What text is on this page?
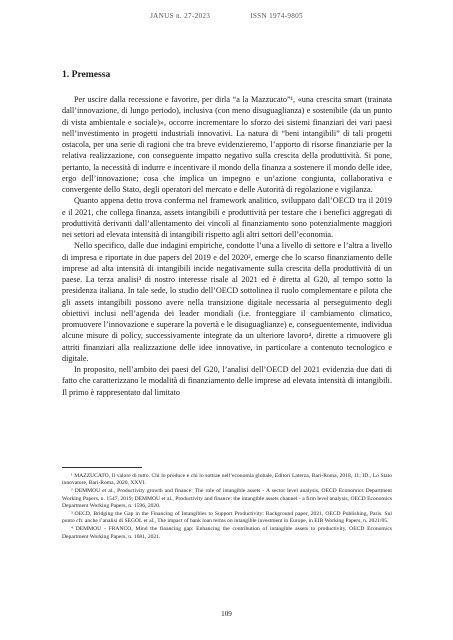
JANUS n. 27-2023	ISSN 1974-9805
1. Premessa

Per uscire dalla recessione e favorire, per dirla “a la Mazzucato”¹, «una crescita smart (trainata dall’innovazione, di lungo periodo), inclusiva (con meno disuguaglianza) e sostenibile (da un punto di vista ambientale e sociale)», occorre incrementare lo sforzo dei sistemi finanziari dei vari paesi nell’investimento in progetti industriali innovativi. La natura di “beni intangibili” di tali progetti ostacola, per una serie di ragioni che tra breve evidenzieremo, l’apporto di risorse finanziarie per la relativa realizzazione, con conseguente impatto negativo sulla crescita della produttività. Si pone, pertanto, la necessità di indurre e incentivare il mondo della finanza a sostenere il mondo delle idee, ergo dell’innovazione; cosa che implica un impegno e un’azione congiunta, collaborativa e convergente dello Stato, degli operatori del mercato e delle Autorità di regolazione e vigilanza.

Quanto appena detto trova conferma nel framework analitico, sviluppato dall’OECD tra il 2019 e il 2021, che collega finanza, assets intangibili e produttività per testare che i benefici aggregati di produttività derivanti dall’allentamento dei vincoli al finanziamento sono potenzialmente maggiori nei settori ad elevata intensità di intangibili rispetto agli altri settori dell’economia.

Nello specifico, dalle due indagini empiriche, condotte l’una a livello di settore e l’altra a livello di impresa e riportate in due papers del 2019 e del 2020², emerge che lo scarso finanziamento delle imprese ad alta intensità di intangibili incide negativamente sulla crescita della produttività di un paese. La terza analisi³ di nostro interesse risale al 2021 ed è diretta al G20, al tempo sotto la presidenza italiana. In tale sede, lo studio dell’OECD sottolinea il ruolo complementare e pilota che gli assets intangibili possono avere nella transizione digitale necessaria al perseguimento degli obiettivi inclusi nell’agenda dei leader mondiali (i.e. fronteggiare il cambiamento climatico, promuovere l’innovazione e superare la povertà e le disuguaglianze) e, conseguentemente, individua alcune misure di policy, successivamente integrate da un ulteriore lavoro⁴, dirette a rimuovere gli attriti finanziari alla realizzazione delle idee innovative, in particolare a contenuto tecnologico e digitale.

In proposito, nell’ambito dei paesi del G20, l’analisi dell’OECD del 2021 evidenzia due dati di fatto che caratterizzano le modalità di finanziamento delle imprese ad elevata intensità di intangibili. Il primo è rappresentato dal limitato

¹ MAZZUCATO, Il valore di tutto. Chi lo produce e chi lo sottrae nell’economia globale, Editori Laterza, Bari-Roma, 2018, 11; ID., Lo Stato innovatore, Bari-Roma, 2020, XXVI.

² DEMMOU et al., Productivity growth and finance: The role of intangible assets - A sector level analysis, OECD Economics Department Working Papers, n. 1547, 2019; DEMMOU et al., Productivity and finance: the intangible assets channel - a firm level analysis, OECD Economics Department Working Papers, n. 1596, 2020.

³ OECD, Bridging the Gap in the Financing of Intangibles to Support Productivity: Background paper, 2021, OECD Publishing, Paris. Sul punto cfr. anche l’analisi di SEGOL et al., The impact of bank loan terms on intangible investment in Europe, in EIB Working Papers, n. 2021/05.

⁴ DEMMOU - FRANCO, Mind the financing gap: Enhancing the contribution of intangible assets to productivity, OECD Economics Department Working Papers, n. 1681, 2021.

109
